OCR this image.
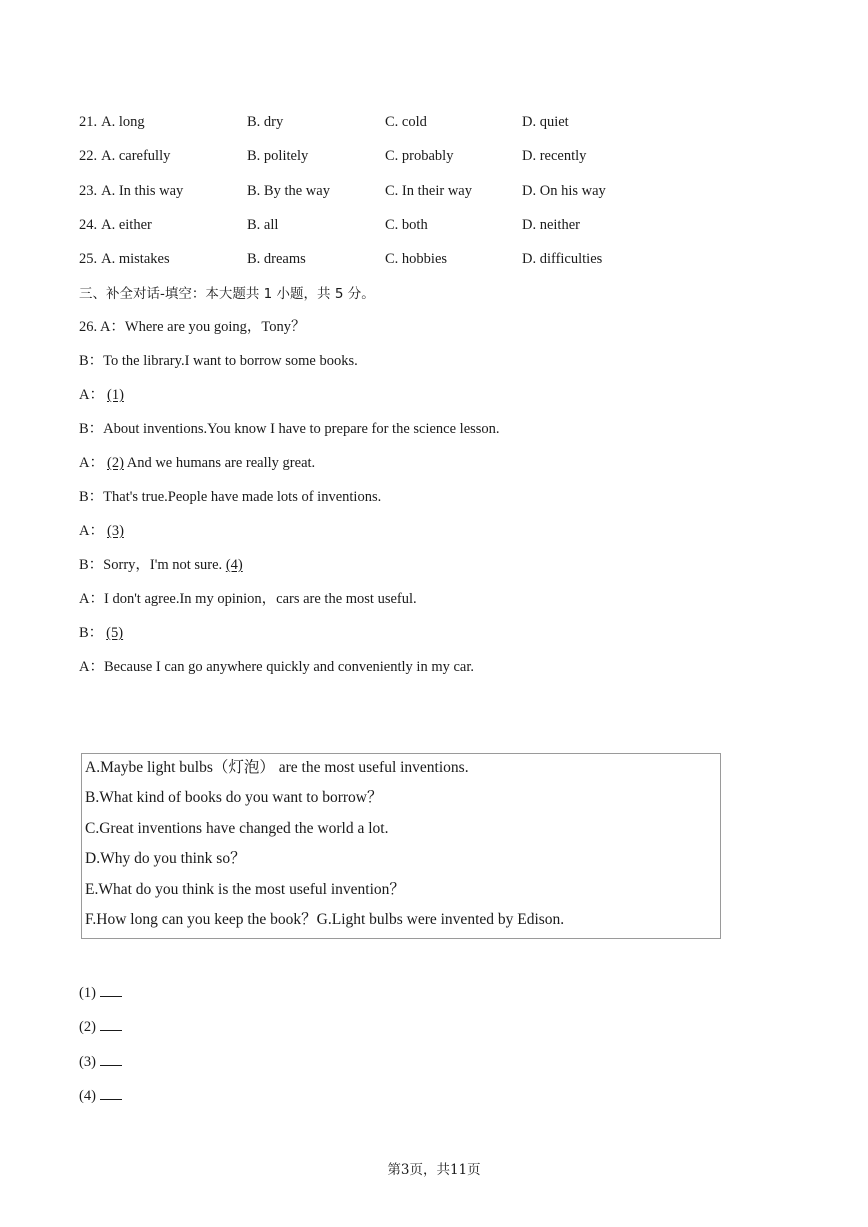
21. A. long	B. dry	C. cold	D. quiet
22. A. carefully	B. politely	C. probably	D. recently
23. A. In this way	B. By the way	C. In their way	D. On his way
24. A. either	B. all	C. both	D. neither
25. A. mistakes	B. dreams	C. hobbies	D. difficulties
三、补全对话-填空：本大题共 1 小题，共 5 分。
26. A：Where are you going，Tony？
B：To the library.I want to borrow some books.
A： (1)
B：About inventions.You know I have to prepare for the science lesson.
A： (2) And we humans are really great.
B：That's true.People have made lots of inventions.
A： (3)
B：Sorry，I'm not sure. (4)
A：I don't agree.In my opinion，cars are the most useful.
B： (5)
A：Because I can go anywhere quickly and conveniently in my car.
A.Maybe light bulbs（灯泡） are the most useful inventions.
B.What kind of books do you want to borrow？
C.Great inventions have changed the world a lot.
D.Why do you think so？
E.What do you think is the most useful invention？
F.How long can you keep the book？G.Light bulbs were invented by Edison.
(1)
(2)
(3)
(4)
第3页，共11页
